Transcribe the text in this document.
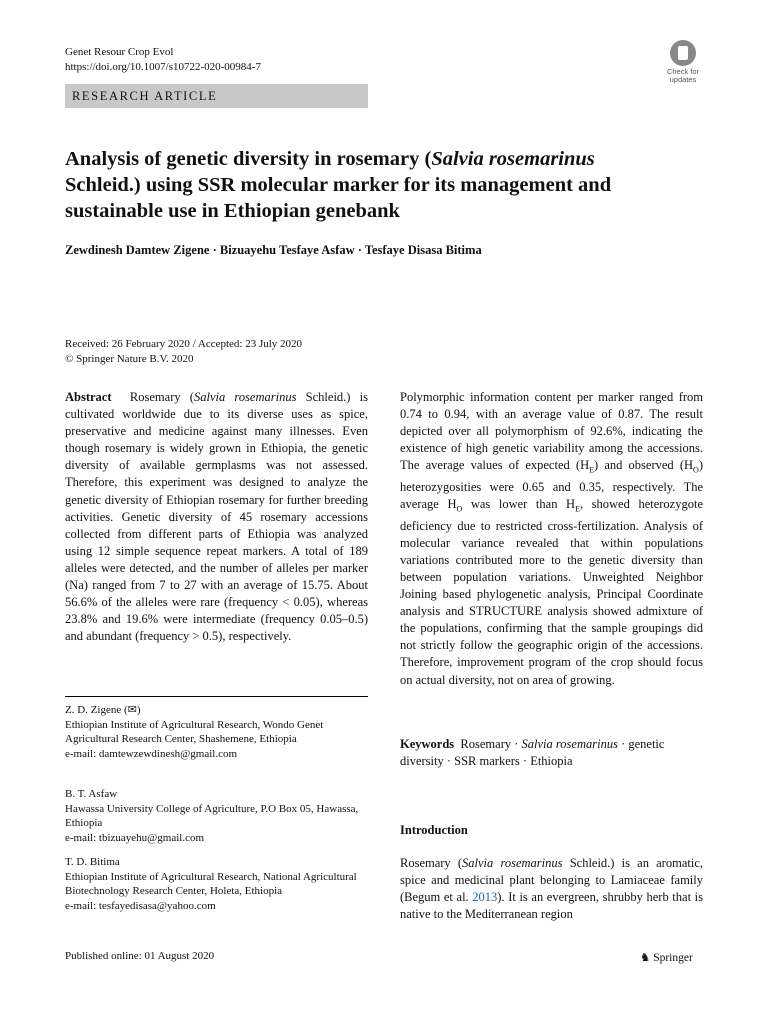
Genet Resour Crop Evol
https://doi.org/10.1007/s10722-020-00984-7	Check for updates
RESEARCH ARTICLE
Analysis of genetic diversity in rosemary (Salvia rosemarinus
Schleid.) using SSR molecular marker for its management and sustainable use in Ethiopian genebank
Zewdinesh Damtew Zigene · Bizuayehu Tesfaye Asfaw · Tesfaye Disasa Bitima
Received: 26 February 2020 / Accepted: 23 July 2020
© Springer Nature B.V. 2020
Abstract Rosemary (Salvia rosemarinus Schleid.) is cultivated worldwide due to its diverse uses as spice, preservative and medicine against many illnesses. Even though rosemary is widely grown in Ethiopia, the genetic diversity of available germplasms was not assessed. Therefore, this experiment was designed to analyze the genetic diversity of Ethiopian rosemary for further breeding activities. Genetic diversity of 45 rosemary accessions collected from different parts of Ethiopia was analyzed using 12 simple sequence repeat markers. A total of 189 alleles were detected, and the number of alleles per marker (Na) ranged from 7 to 27 with an average of 15.75. About 56.6% of the alleles were rare (frequency < 0.05), whereas 23.8% and 19.6% were intermediate (frequency 0.05–0.5) and abundant (frequency > 0.5), respectively.
Z. D. Zigene (✉)
Ethiopian Institute of Agricultural Research, Wondo Genet Agricultural Research Center, Shashemene, Ethiopia
e-mail: damtewzewdinesh@gmail.com
B. T. Asfaw
Hawassa University College of Agriculture, P.O Box 05, Hawassa, Ethiopia
e-mail: tbizuayehu@gmail.com
T. D. Bitima
Ethiopian Institute of Agricultural Research, National Agricultural Biotechnology Research Center, Holeta, Ethiopia
e-mail: tesfayedisasa@yahoo.com
Polymorphic information content per marker ranged from 0.74 to 0.94, with an average value of 0.87. The result depicted over all polymorphism of 92.6%, indicating the existence of high genetic variability among the accessions. The average values of expected $(H_E)$ and observed $(H_O)$ heterozygosities were 0.65 and 0.35, respectively. The average $H_O$ was lower than $H_E$, showed heterozygote deficiency due to restricted cross-fertilization. Analysis of molecular variance revealed that within populations variations contributed more to the genetic diversity than between population variations. Unweighted Neighbor Joining based phylogenetic analysis, Principal Coordinate analysis and STRUCTURE analysis showed admixture of the populations, confirming that the sample groupings did not strictly follow the geographic origin of the accessions. Therefore, improvement program of the crop should focus on actual diversity, not on area of growing.
Keywords Rosemary · Salvia rosemarinus · genetic diversity · SSR markers · Ethiopia
Introduction
Rosemary (Salvia rosemarinus Schleid.) is an aromatic, spice and medicinal plant belonging to Lamiaceae family (Begum et al. 2013). It is an evergreen, shrubby herb that is native to the Mediterranean region
Published online: 01 August 2020	♞ Springer
